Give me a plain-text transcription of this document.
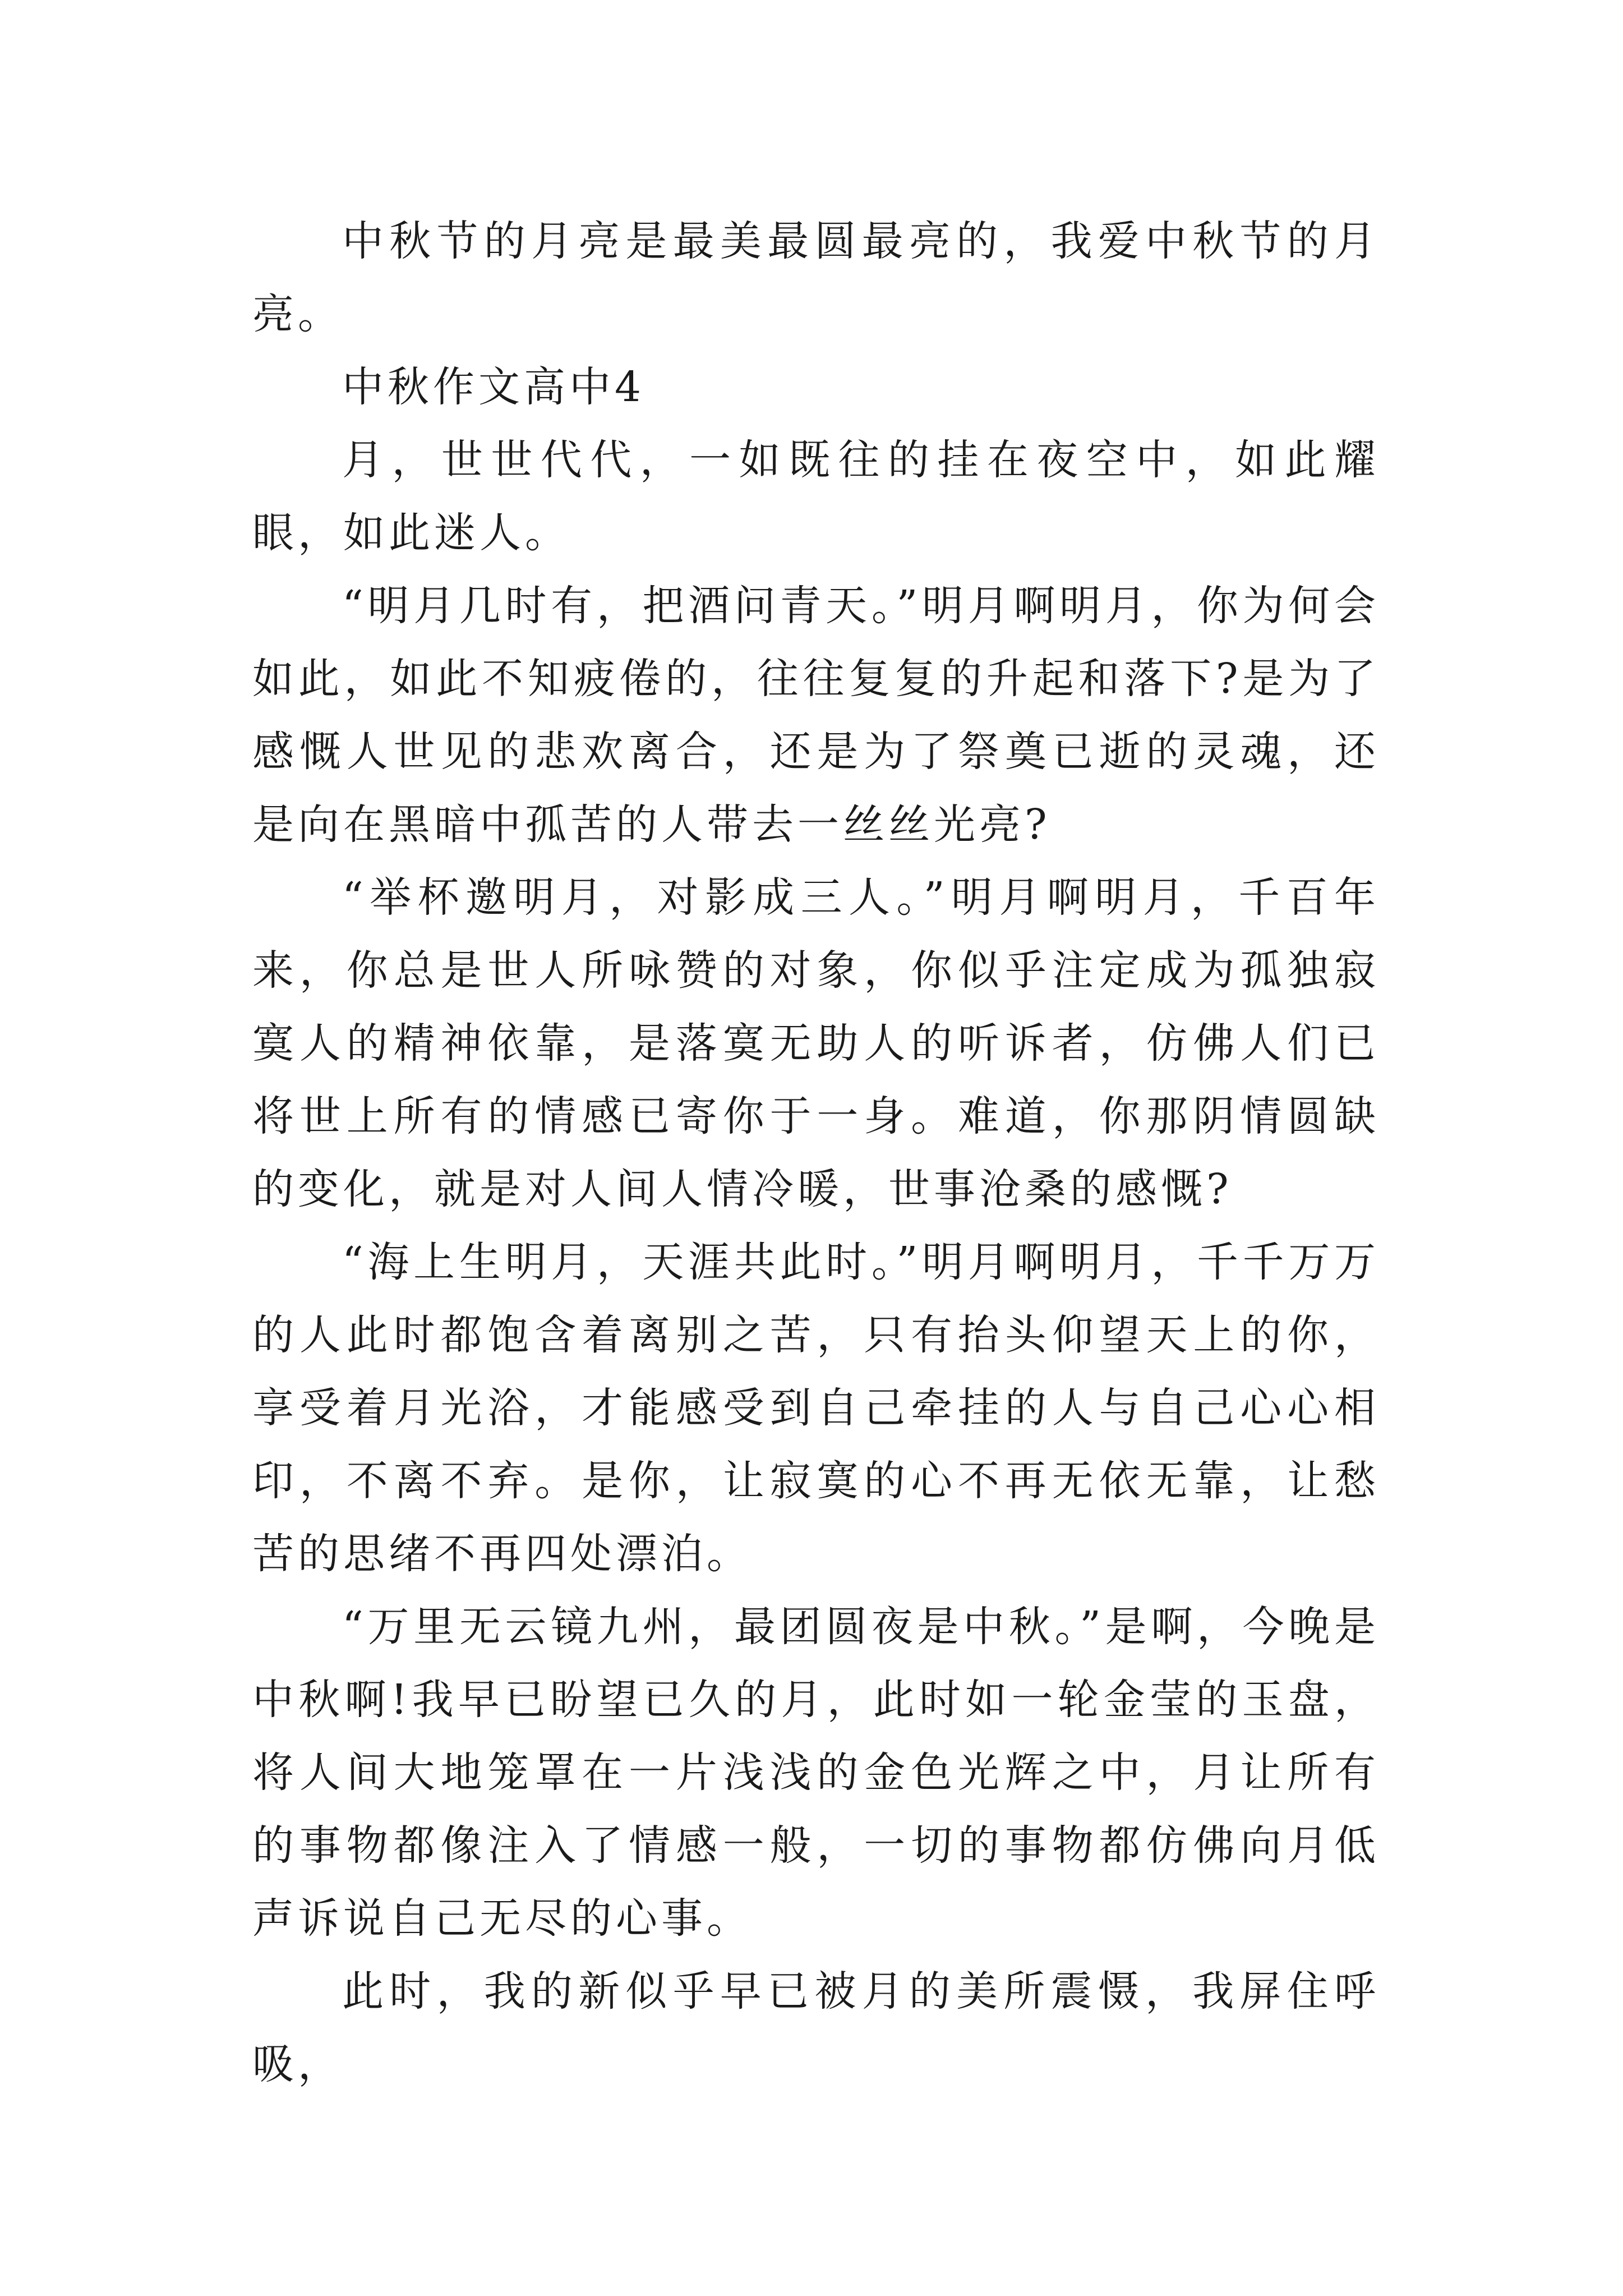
中秋节的月亮是最美最圆最亮的，我爱中秋节的月亮。

中秋作文高中4

月，世世代代，一如既往的挂在夜空中，如此耀眼，如此迷人。

“明月几时有，把酒问青天。”明月啊明月，你为何会如此，如此不知疲倦的，往往复复的升起和落下?是为了感慨人世见的悲欢离合，还是为了祭奠已逝的灵魂，还是向在黑暗中孤苦的人带去一丝丝光亮?

“举杯邀明月，对影成三人。”明月啊明月，千百年来，你总是世人所咏赞的对象，你似乎注定成为孤独寂寞人的精神依靠，是落寞无助人的听诉者，仿佛人们已将世上所有的情感已寄你于一身。难道，你那阴情圆缺的变化，就是对人间人情冷暖，世事沧桑的感慨?

“海上生明月，天涯共此时。”明月啊明月，千千万万的人此时都饱含着离别之苦，只有抬头仰望天上的你，享受着月光浴，才能感受到自己牵挂的人与自己心心相印，不离不弃。是你，让寂寞的心不再无依无靠，让愁苦的思绪不再四处漂泊。

“万里无云镜九州，最团圆夜是中秋。”是啊，今晚是中秋啊!我早已盼望已久的月，此时如一轮金莹的玉盘，将人间大地笼罩在一片浅浅的金色光辉之中，月让所有的事物都像注入了情感一般，一切的事物都仿佛向月低声诉说自己无尽的心事。

此时，我的新似乎早已被月的美所震慑，我屏住呼吸，
